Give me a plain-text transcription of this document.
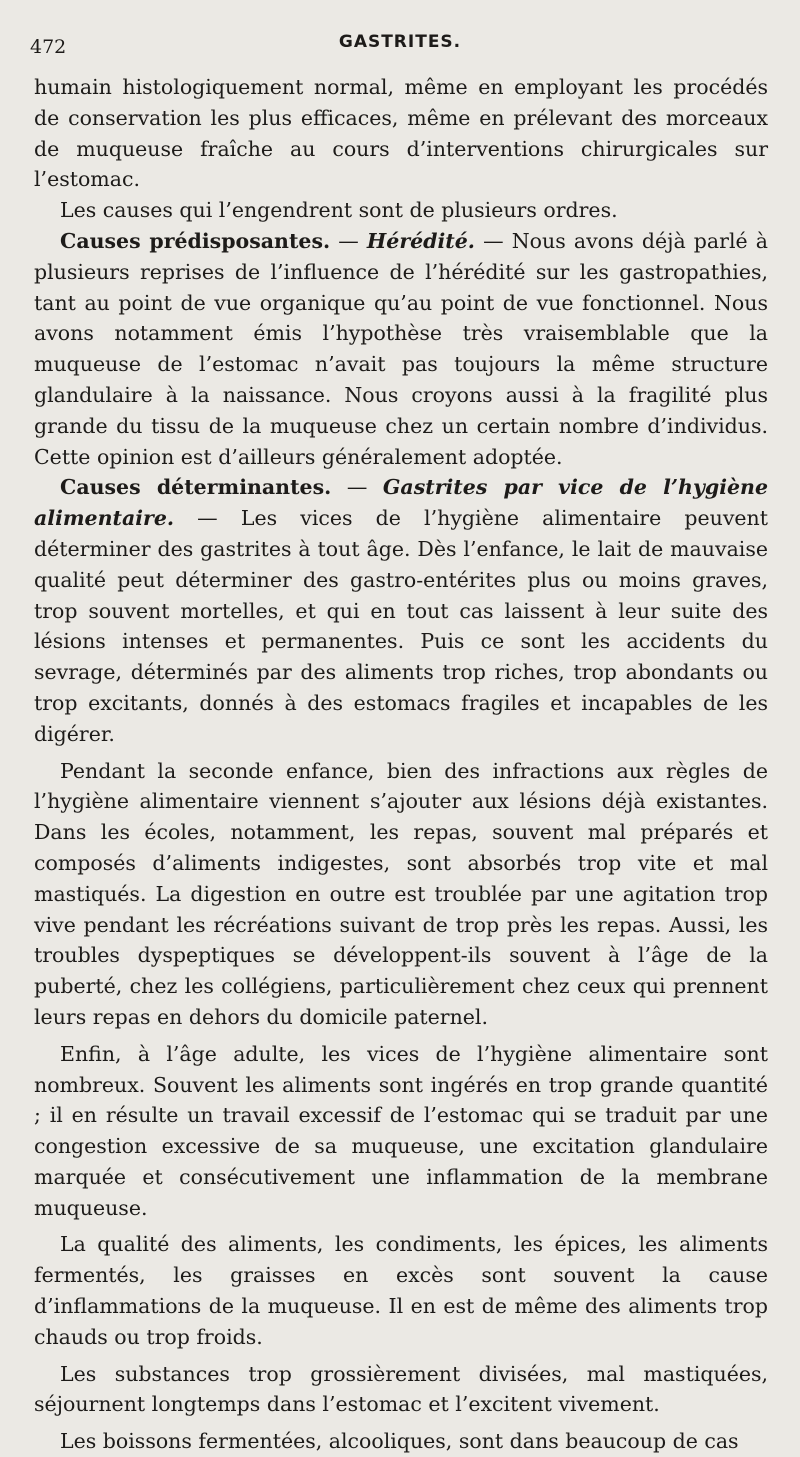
472	GASTRITES.

humain histologiquement normal, même en employant les procédés de conservation les plus efficaces, même en prélevant des morceaux de muqueuse fraîche au cours d’interventions chirurgicales sur l’estomac.

Les causes qui l’engendrent sont de plusieurs ordres.

Causes prédisposantes. — Hérédité. — Nous avons déjà parlé à plusieurs reprises de l’influence de l’hérédité sur les gastropathies, tant au point de vue organique qu’au point de vue fonctionnel. Nous avons notamment émis l’hypothèse très vraisemblable que la muqueuse de l’estomac n’avait pas toujours la même structure glandulaire à la naissance. Nous croyons aussi à la fragilité plus grande du tissu de la muqueuse chez un certain nombre d’individus. Cette opinion est d’ailleurs généralement adoptée.

Causes déterminantes. — Gastrites par vice de l’hygiène alimentaire. — Les vices de l’hygiène alimentaire peuvent déterminer des gastrites à tout âge. Dès l’enfance, le lait de mauvaise qualité peut déterminer des gastro-entérites plus ou moins graves, trop souvent mortelles, et qui en tout cas laissent à leur suite des lésions intenses et permanentes. Puis ce sont les accidents du sevrage, déterminés par des aliments trop riches, trop abondants ou trop excitants, donnés à des estomacs fragiles et incapables de les digérer.

Pendant la seconde enfance, bien des infractions aux règles de l’hygiène alimentaire viennent s’ajouter aux lésions déjà existantes. Dans les écoles, notamment, les repas, souvent mal préparés et composés d’aliments indigestes, sont absorbés trop vite et mal mastiqués. La digestion en outre est troublée par une agitation trop vive pendant les récréations suivant de trop près les repas. Aussi, les troubles dyspeptiques se développent-ils souvent à l’âge de la puberté, chez les collégiens, particulièrement chez ceux qui prennent leurs repas en dehors du domicile paternel.

Enfin, à l’âge adulte, les vices de l’hygiène alimentaire sont nombreux. Souvent les aliments sont ingérés en trop grande quantité ; il en résulte un travail excessif de l’estomac qui se traduit par une congestion excessive de sa muqueuse, une excitation glandulaire marquée et consécutivement une inflammation de la membrane muqueuse.

La qualité des aliments, les condiments, les épices, les aliments fermentés, les graisses en excès sont souvent la cause d’inflammations de la muqueuse. Il en est de même des aliments trop chauds ou trop froids.

Les substances trop grossièrement divisées, mal mastiquées, séjournent longtemps dans l’estomac et l’excitent vivement.

Les boissons fermentées, alcooliques, sont dans beaucoup de cas
